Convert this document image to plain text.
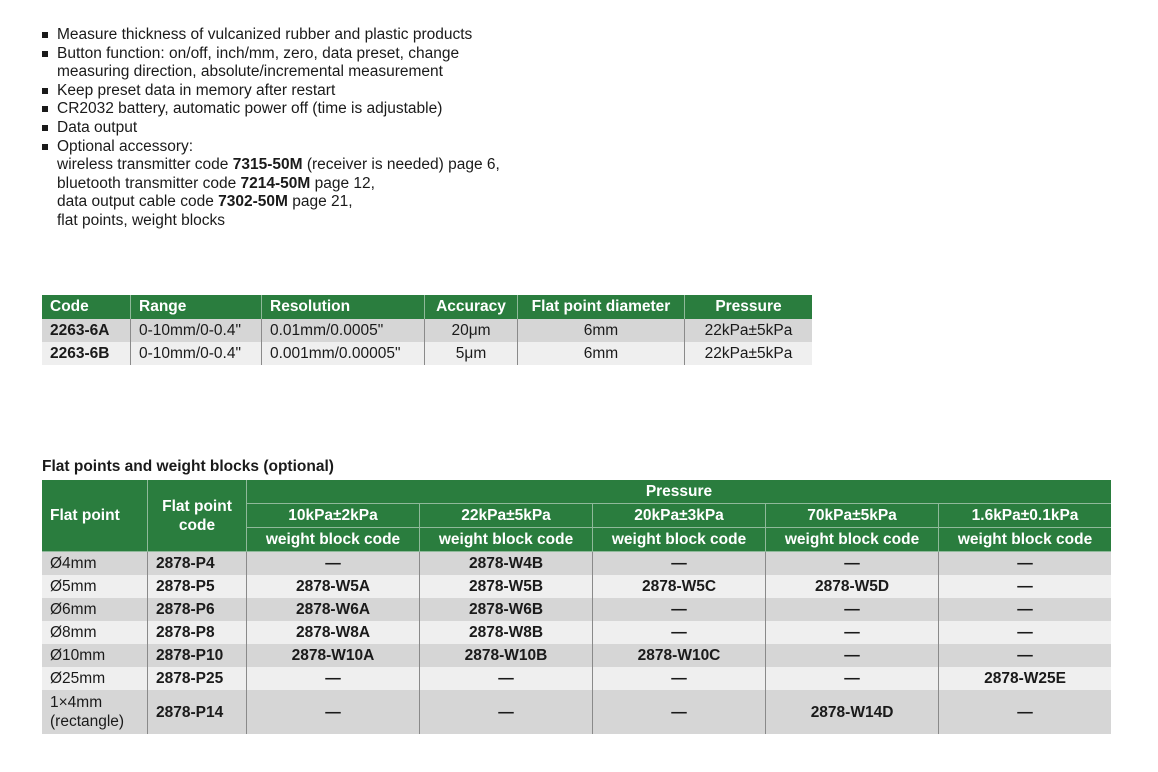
Measure thickness of vulcanized rubber and plastic products
Button function: on/off, inch/mm, zero, data preset, change measuring direction, absolute/incremental measurement
Keep preset data in memory after restart
CR2032 battery, automatic power off (time is adjustable)
Data output
Optional accessory:
wireless transmitter code 7315-50M (receiver is needed) page 6,
bluetooth transmitter code 7214-50M page 12,
data output cable code 7302-50M page 21,
flat points, weight blocks
Code	Range	Resolution	Accuracy	Flat point diameter	Pressure
2263-6A	0-10mm/0-0.4"	0.01mm/0.0005"	20μm	6mm	22kPa±5kPa
2263-6B	0-10mm/0-0.4"	0.001mm/0.00005"	5μm	6mm	22kPa±5kPa

Flat points and weight blocks (optional)

Flat point	Flat point code	Pressure				
		10kPa±2kPa	22kPa±5kPa	20kPa±3kPa	70kPa±5kPa	1.6kPa±0.1kPa
		weight block code	weight block code	weight block code	weight block code	weight block code
Ø4mm	2878-P4	—	2878-W4B	—	—	—
Ø5mm	2878-P5	2878-W5A	2878-W5B	2878-W5C	2878-W5D	—
Ø6mm	2878-P6	2878-W6A	2878-W6B	—	—	—
Ø8mm	2878-P8	2878-W8A	2878-W8B	—	—	—
Ø10mm	2878-P10	2878-W10A	2878-W10B	2878-W10C	—	—
Ø25mm	2878-P25	—	—	—	—	2878-W25E
1×4mm (rectangle)	2878-P14	—	—	—	2878-W14D	—
